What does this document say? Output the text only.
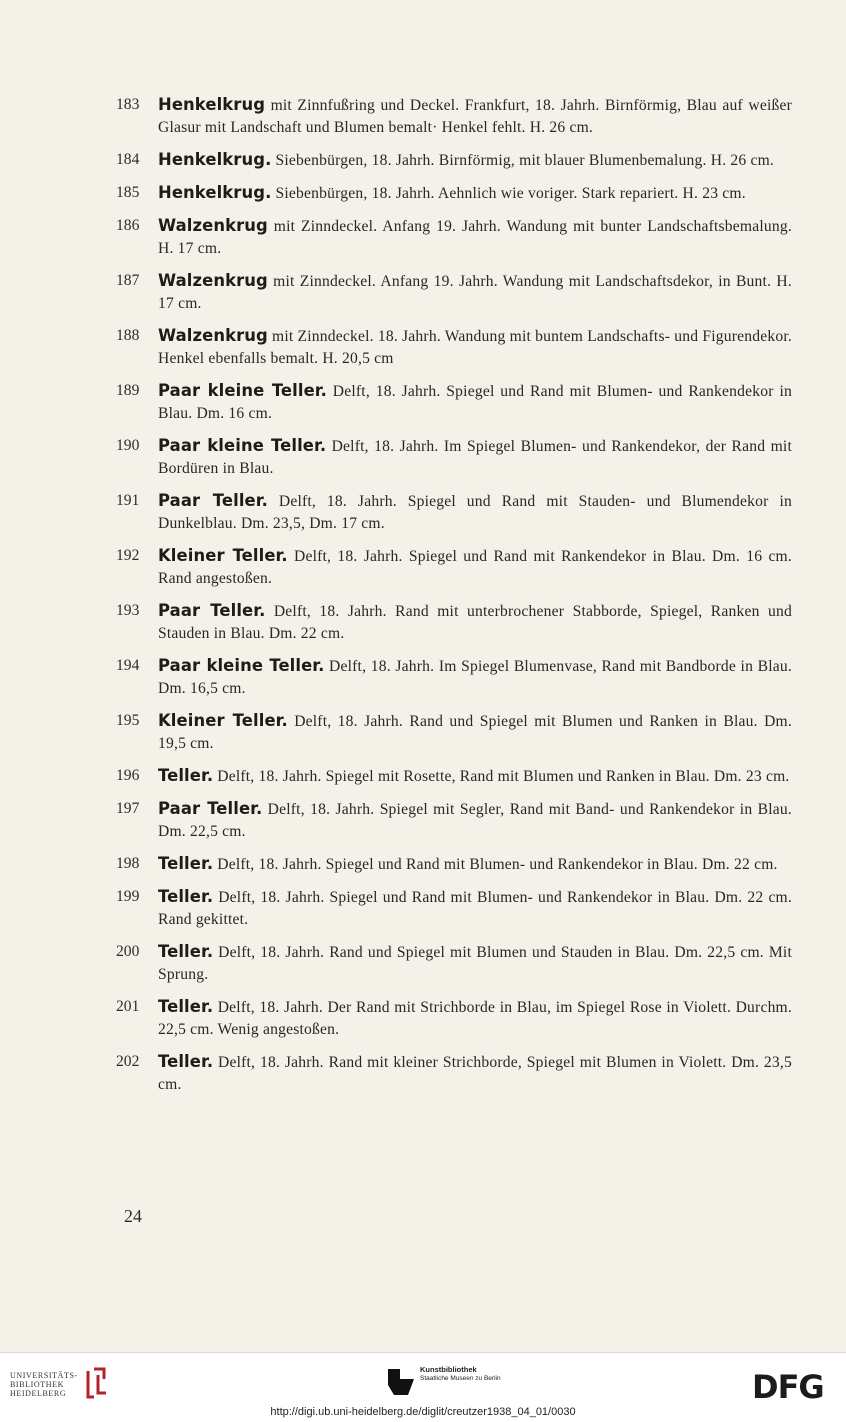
183	Henkelkrug mit Zinnfußring und Deckel. Frankfurt, 18. Jahrh. Birnförmig, Blau auf weißer Glasur mit Landschaft und Blumen bemalt· Henkel fehlt. H. 26 cm.
184	Henkelkrug. Siebenbürgen, 18. Jahrh. Birnförmig, mit blauer Blumenbemalung. H. 26 cm.
185	Henkelkrug. Siebenbürgen, 18. Jahrh. Aehnlich wie voriger. Stark repariert. H. 23 cm.
186	Walzenkrug mit Zinndeckel. Anfang 19. Jahrh. Wandung mit bunter Landschaftsbemalung. H. 17 cm.
187	Walzenkrug mit Zinndeckel. Anfang 19. Jahrh. Wandung mit Landschaftsdekor, in Bunt. H. 17 cm.
188	Walzenkrug mit Zinndeckel. 18. Jahrh. Wandung mit buntem Landschafts- und Figurendekor. Henkel ebenfalls bemalt. H. 20,5 cm
189	Paar kleine Teller. Delft, 18. Jahrh. Spiegel und Rand mit Blumen- und Rankendekor in Blau. Dm. 16 cm.
190	Paar kleine Teller. Delft, 18. Jahrh. Im Spiegel Blumen- und Rankendekor, der Rand mit Bordüren in Blau.
191	Paar Teller. Delft, 18. Jahrh. Spiegel und Rand mit Stauden- und Blumendekor in Dunkelblau. Dm. 23,5, Dm. 17 cm.
192	Kleiner Teller. Delft, 18. Jahrh. Spiegel und Rand mit Rankendekor in Blau. Dm. 16 cm. Rand angestoßen.
193	Paar Teller. Delft, 18. Jahrh. Rand mit unterbrochener Stabborde, Spiegel, Ranken und Stauden in Blau. Dm. 22 cm.
194	Paar kleine Teller. Delft, 18. Jahrh. Im Spiegel Blumenvase, Rand mit Bandborde in Blau. Dm. 16,5 cm.
195	Kleiner Teller. Delft, 18. Jahrh. Rand und Spiegel mit Blumen und Ranken in Blau. Dm. 19,5 cm.
196	Teller. Delft, 18. Jahrh. Spiegel mit Rosette, Rand mit Blumen und Ranken in Blau. Dm. 23 cm.
197	Paar Teller. Delft, 18. Jahrh. Spiegel mit Segler, Rand mit Band- und Rankendekor in Blau. Dm. 22,5 cm.
198	Teller. Delft, 18. Jahrh. Spiegel und Rand mit Blumen- und Rankendekor in Blau. Dm. 22 cm.
199	Teller. Delft, 18. Jahrh. Spiegel und Rand mit Blumen- und Rankendekor in Blau. Dm. 22 cm. Rand gekittet.
200	Teller. Delft, 18. Jahrh. Rand und Spiegel mit Blumen und Stauden in Blau. Dm. 22,5 cm. Mit Sprung.
201	Teller. Delft, 18. Jahrh. Der Rand mit Strichborde in Blau, im Spiegel Rose in Violett. Durchm. 22,5 cm. Wenig angestoßen.
202	Teller. Delft, 18. Jahrh. Rand mit kleiner Strichborde, Spiegel mit Blumen in Violett. Dm. 23,5 cm.
24
UNIVERSITÄTS-
BIBLIOTHEK
HEIDELBERG
Kunstbibliothek
Staatliche Museen zu Berlin	DFG
http://digi.ub.uni-heidelberg.de/diglit/creutzer1938_04_01/0030
